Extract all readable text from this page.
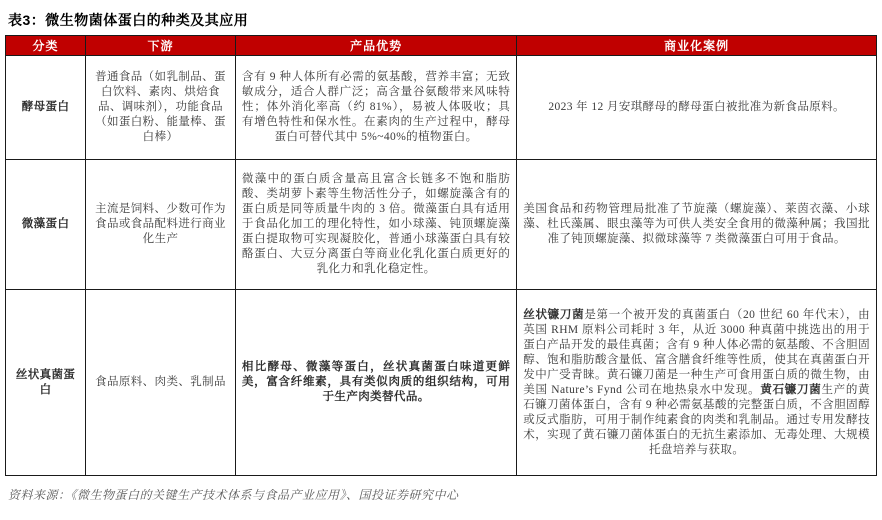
表3：微生物菌体蛋白的种类及其应用
分类	下游	产品优势	商业化案例
酵母蛋白	普通食品（如乳制品、蛋白饮料、素肉、烘焙食品、调味剂），功能食品（如蛋白粉、能量棒、蛋白棒）	含有 9 种人体所有必需的氨基酸，营养丰富；无致敏成分，适合人群广泛；高含量谷氨酸带来风味特性；体外消化率高（约 81%），易被人体吸收；具有增色特性和保水性。在素肉的生产过程中，酵母蛋白可替代其中 5%~40%的植物蛋白。	2023 年 12 月安琪酵母的酵母蛋白被批准为新食品原料。
微藻蛋白	主流是饲料、少数可作为食品或食品配料进行商业化生产	微藻中的蛋白质含量高且富含长链多不饱和脂肪酸、类胡萝卜素等生物活性分子，如螺旋藻含有的蛋白质是同等质量牛肉的 3 倍。微藻蛋白具有适用于食品化加工的理化特性，如小球藻、钝顶螺旋藻蛋白提取物可实现凝胶化，普通小球藻蛋白具有较酪蛋白、大豆分离蛋白等商业化乳化蛋白质更好的乳化力和乳化稳定性。	美国食品和药物管理局批准了节旋藻（螺旋藻）、莱茵衣藻、小球藻、杜氏藻属、眼虫藻等为可供人类安全食用的微藻种属；我国批准了钝顶螺旋藻、拟微球藻等 7 类微藻蛋白可用于食品。
丝状真菌蛋白	食品原料、肉类、乳制品	相比酵母、微藻等蛋白，丝状真菌蛋白味道更鲜美，富含纤维素，具有类似肉质的组织结构，可用于生产肉类替代品。	丝状镰刀菌是第一个被开发的真菌蛋白（20 世纪 60 年代末），由英国 RHM 原料公司耗时 3 年，从近 3000 种真菌中挑选出的用于蛋白产品开发的最佳真菌；含有 9 种人体必需的氨基酸、不含胆固醇、饱和脂肪酸含量低、富含膳食纤维等性质，使其在真菌蛋白开发中广受青睐。黄石镰刀菌是一种生产可食用蛋白质的微生物，由美国 Nature’s Fynd 公司在地热泉水中发现。黄石镰刀菌生产的黄石镰刀菌体蛋白，含有 9 种必需氨基酸的完整蛋白质，不含胆固醇或反式脂肪，可用于制作纯素食的肉类和乳制品。通过专用发酵技术，实现了黄石镰刀菌体蛋白的无抗生素添加、无毒处理、大规模托盘培养与获取。
资料来源：《微生物蛋白的关键生产技术体系与食品产业应用》、国投证券研究中心
